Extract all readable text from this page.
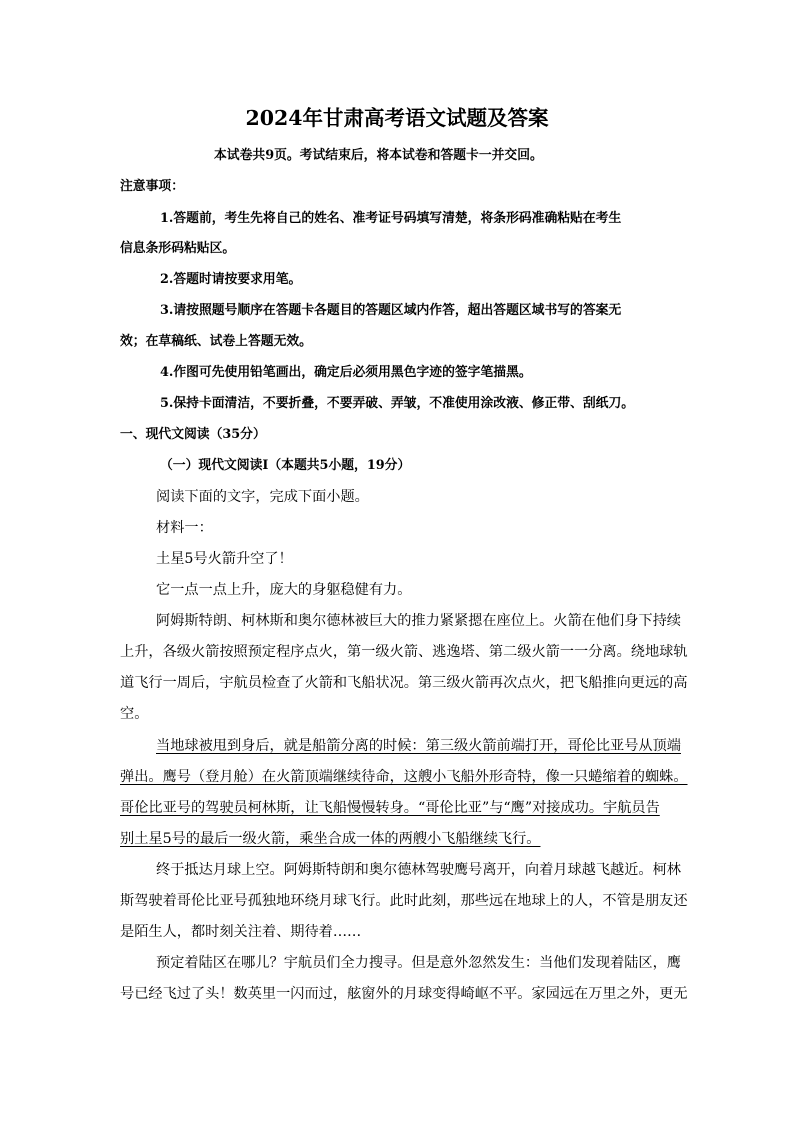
2024年甘肃高考语文试题及答案
本试卷共9页。考试结束后，将本试卷和答题卡一并交回。
注意事项：
1.答题前，考生先将自己的姓名、准考证号码填写清楚，将条形码准确粘贴在考生
信息条形码粘贴区。
2.答题时请按要求用笔。
3.请按照题号顺序在答题卡各题目的答题区域内作答，超出答题区域书写的答案无
效；在草稿纸、试卷上答题无效。
4.作图可先使用铅笔画出，确定后必须用黑色字迹的签字笔描黑。
5.保持卡面清洁，不要折叠，不要弄破、弄皱，不准使用涂改液、修正带、刮纸刀。
一、现代文阅读（35分）
（一）现代文阅读Ⅰ（本题共5小题，19分）
阅读下面的文字，完成下面小题。
材料一：
土星5号火箭升空了！
它一点一点上升，庞大的身躯稳健有力。
阿姆斯特朗、柯林斯和奥尔德林被巨大的推力紧紧摁在座位上。火箭在他们身下持续
上升，各级火箭按照预定程序点火，第一级火箭、逃逸塔、第二级火箭一一分离。绕地球轨
道飞行一周后，宇航员检查了火箭和飞船状况。第三级火箭再次点火，把飞船推向更远的高
空。
当地球被甩到身后，就是船箭分离的时候：第三级火箭前端打开，哥伦比亚号从顶端
弹出。鹰号（登月舱）在火箭顶端继续待命，这艘小飞船外形奇特，像一只蜷缩着的蜘蛛。
哥伦比亚号的驾驶员柯林斯，让飞船慢慢转身。“哥伦比亚”与“鹰”对接成功。宇航员告
别土星5号的最后一级火箭，乘坐合成一体的两艘小飞船继续飞行。
终于抵达月球上空。阿姆斯特朗和奥尔德林驾驶鹰号离开，向着月球越飞越近。柯林
斯驾驶着哥伦比亚号孤独地环绕月球飞行。此时此刻，那些远在地球上的人，不管是朋友还
是陌生人，都时刻关注着、期待着……
预定着陆区在哪儿？宇航员们全力搜寻。但是意外忽然发生：当他们发现着陆区，鹰
号已经飞过了头！数英里一闪而过，舷窗外的月球变得崎岖不平。家园远在万里之外，更无
